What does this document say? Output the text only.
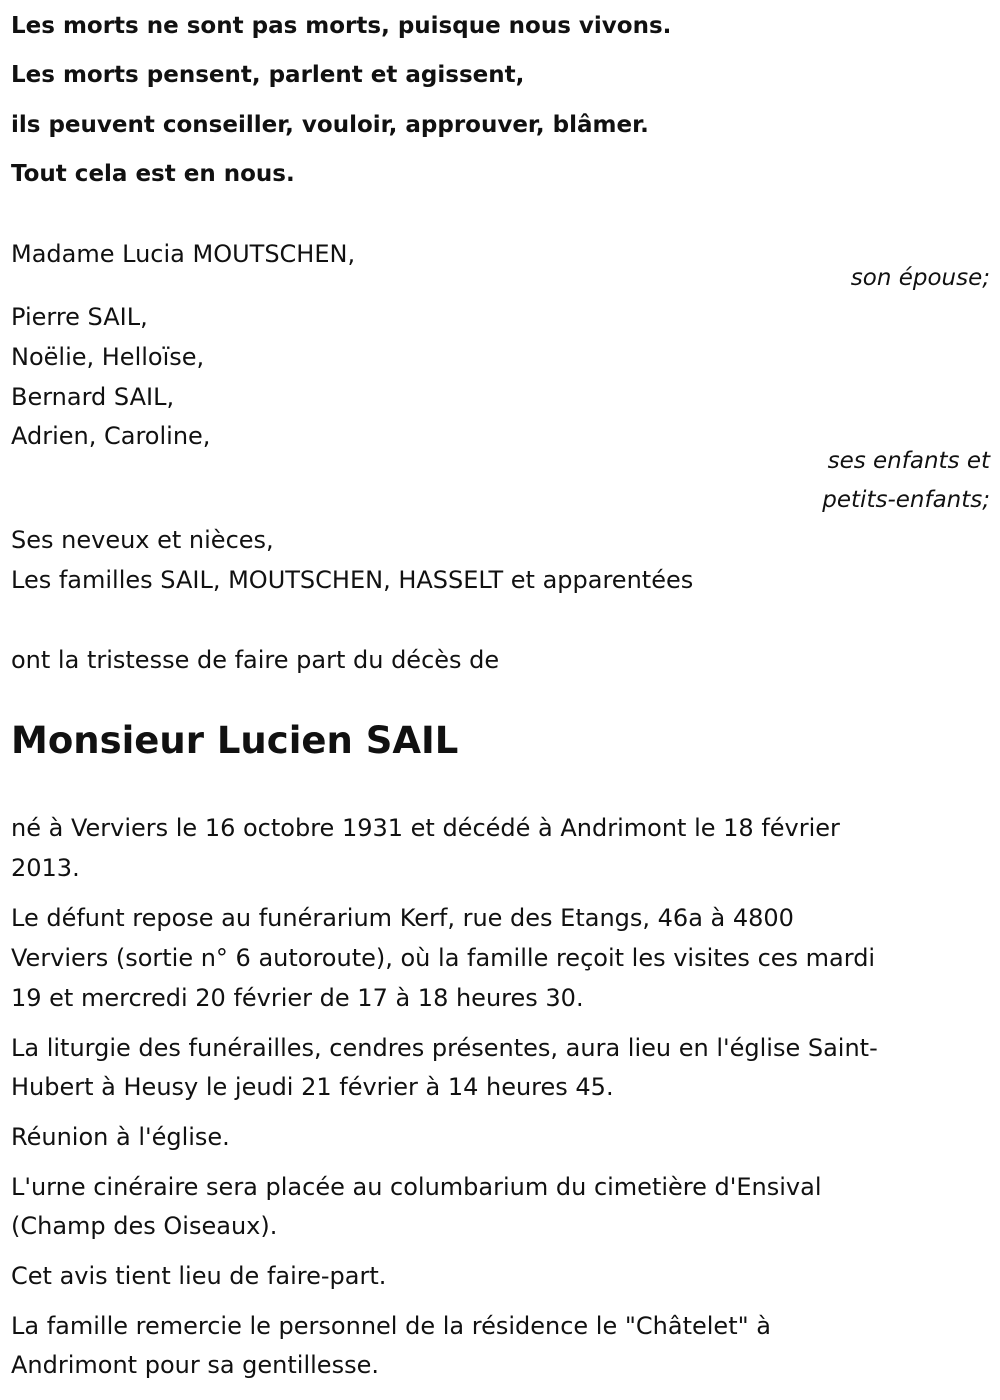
Les morts ne sont pas morts, puisque nous vivons.
Les morts pensent, parlent et agissent,
ils peuvent conseiller, vouloir, approuver, blâmer.
Tout cela est en nous.
Madame Lucia MOUTSCHEN,
son épouse;
Pierre SAIL,
Noëlie, Helloïse,
Bernard SAIL,
Adrien, Caroline,
ses enfants et
petits-enfants;
Ses neveux et nièces,
Les familles SAIL, MOUTSCHEN, HASSELT et apparentées
ont la tristesse de faire part du décès de
Monsieur Lucien SAIL
né à Verviers le 16 octobre 1931 et décédé à Andrimont le 18 février
2013.
Le défunt repose au funérarium Kerf, rue des Etangs, 46a à 4800
Verviers (sortie n° 6 autoroute), où la famille reçoit les visites ces mardi
19 et mercredi 20 février de 17 à 18 heures 30.
La liturgie des funérailles, cendres présentes, aura lieu en l'église Saint-
Hubert à Heusy le jeudi 21 février à 14 heures 45.
Réunion à l'église.
L'urne cinéraire sera placée au columbarium du cimetière d'Ensival
(Champ des Oiseaux).
Cet avis tient lieu de faire-part.
La famille remercie le personnel de la résidence le "Châtelet" à
Andrimont pour sa gentillesse.
